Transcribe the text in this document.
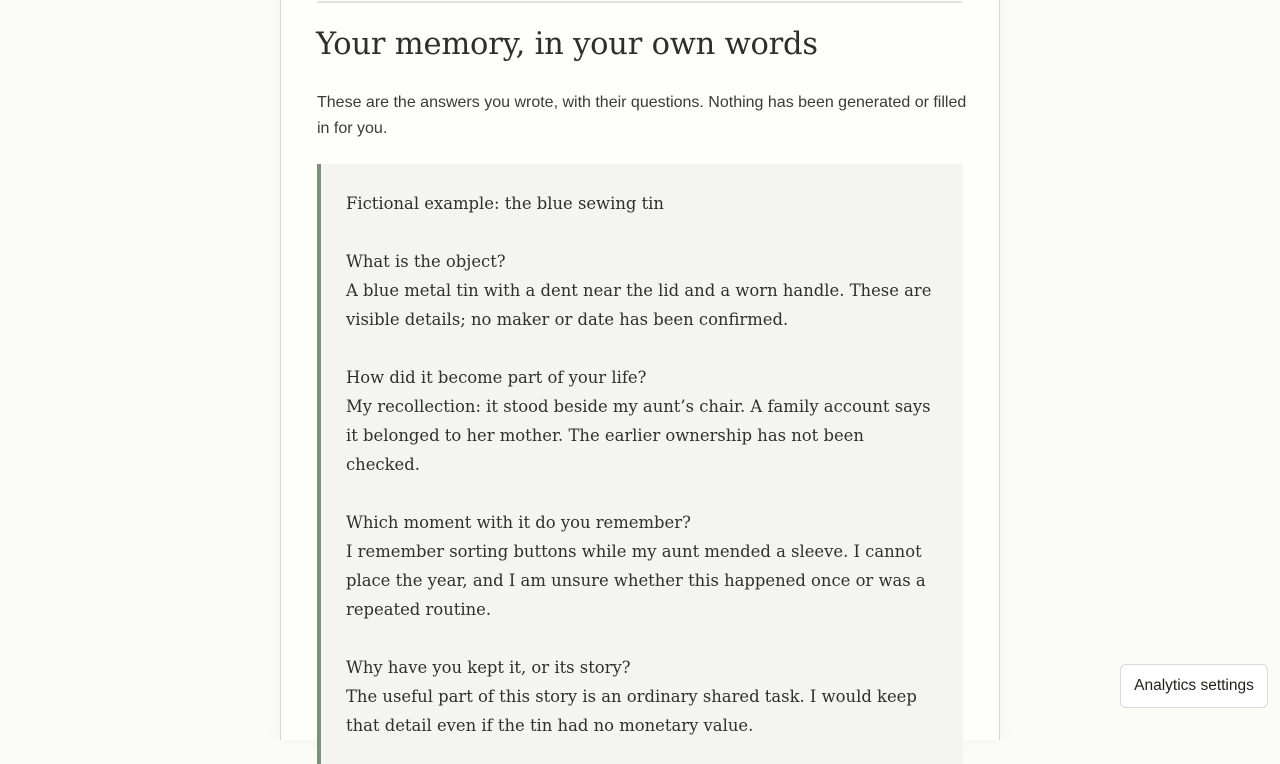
Your memory, in your own words

These are the answers you wrote, with their questions. Nothing has been generated or filled in for you.

Fictional example: the blue sewing tin

What is the object?

A blue metal tin with a dent near the lid and a worn handle. These are visible details; no maker or date has been confirmed.

How did it become part of your life?

My recollection: it stood beside my aunt’s chair. A family account says it belonged to her mother. The earlier ownership has not been checked.

Which moment with it do you remember?

I remember sorting buttons while my aunt mended a sleeve. I cannot place the year, and I am unsure whether this happened once or was a repeated routine.

Why have you kept it, or its story?

The useful part of this story is an ordinary shared task. I would keep that detail even if the tin had no monetary value.

Analytics settings
